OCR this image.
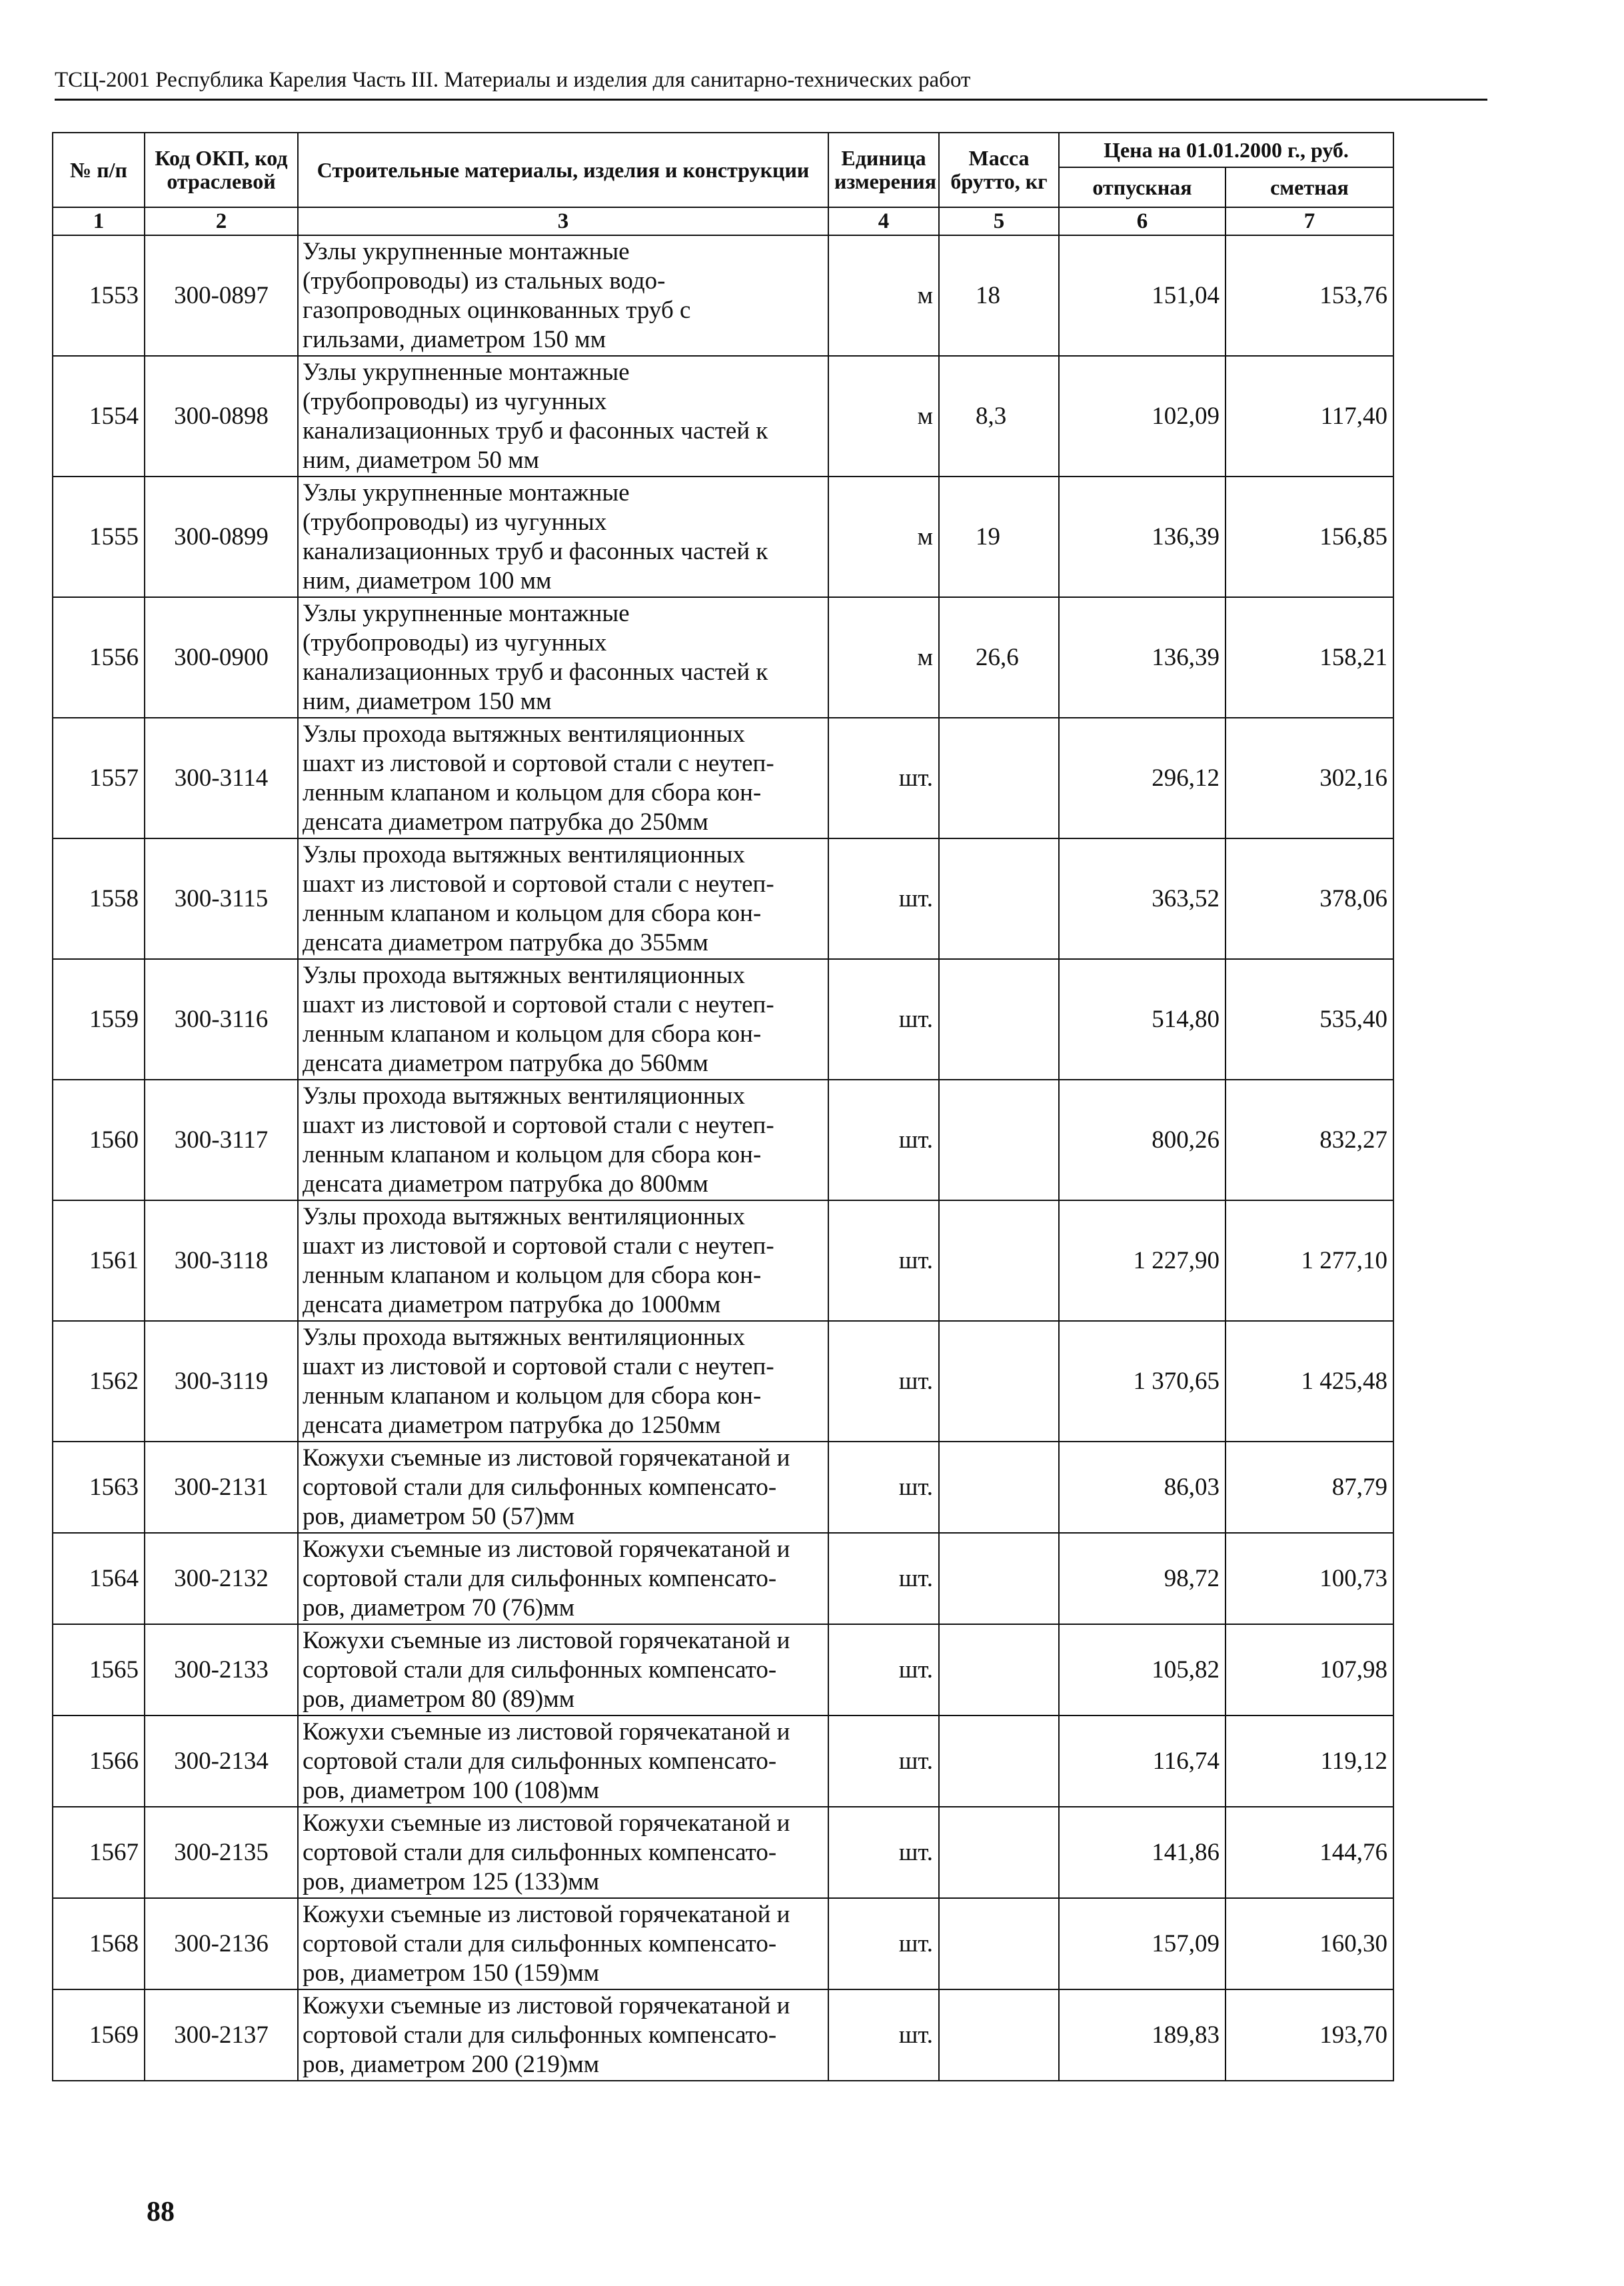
ТСЦ-2001 Республика Карелия Часть III. Материалы и изделия для санитарно-технических работ
№ п/п	Код ОКП, код отраслевой	Строительные материалы, изделия и конструкции	Единица измерения	Масса брутто, кг	Цена на 01.01.2000 г., руб.	
					отпускная	сметная
1	2	3	4	5	6	7
1553	300-0897	Узлы укрупненные монтажные
(трубопроводы) из стальных водо-
газопроводных оцинкованных труб с
гильзами, диаметром 150 мм	м	18	151,04	153,76
1554	300-0898	Узлы укрупненные монтажные
(трубопроводы) из чугунных
канализационных труб и фасонных частей к
ним, диаметром 50 мм	м	8,3	102,09	117,40
1555	300-0899	Узлы укрупненные монтажные
(трубопроводы) из чугунных
канализационных труб и фасонных частей к
ним, диаметром 100 мм	м	19	136,39	156,85
1556	300-0900	Узлы укрупненные монтажные
(трубопроводы) из чугунных
канализационных труб и фасонных частей к
ним, диаметром 150 мм	м	26,6	136,39	158,21
1557	300-3114	Узлы прохода вытяжных вентиляционных
шахт из листовой и сортовой стали с неутеп-
ленным клапаном и кольцом для сбора кон-
денсата диаметром патрубка до 250мм	шт.		296,12	302,16
1558	300-3115	Узлы прохода вытяжных вентиляционных
шахт из листовой и сортовой стали с неутеп-
ленным клапаном и кольцом для сбора кон-
денсата диаметром патрубка до 355мм	шт.		363,52	378,06
1559	300-3116	Узлы прохода вытяжных вентиляционных
шахт из листовой и сортовой стали с неутеп-
ленным клапаном и кольцом для сбора кон-
денсата диаметром патрубка до 560мм	шт.		514,80	535,40
1560	300-3117	Узлы прохода вытяжных вентиляционных
шахт из листовой и сортовой стали с неутеп-
ленным клапаном и кольцом для сбора кон-
денсата диаметром патрубка до 800мм	шт.		800,26	832,27
1561	300-3118	Узлы прохода вытяжных вентиляционных
шахт из листовой и сортовой стали с неутеп-
ленным клапаном и кольцом для сбора кон-
денсата диаметром патрубка до 1000мм	шт.		1 227,90	1 277,10
1562	300-3119	Узлы прохода вытяжных вентиляционных
шахт из листовой и сортовой стали с неутеп-
ленным клапаном и кольцом для сбора кон-
денсата диаметром патрубка до 1250мм	шт.		1 370,65	1 425,48
1563	300-2131	Кожухи съемные из листовой горячекатаной и
сортовой стали для сильфонных компенсато-
ров, диаметром 50 (57)мм	шт.		86,03	87,79
1564	300-2132	Кожухи съемные из листовой горячекатаной и
сортовой стали для сильфонных компенсато-
ров, диаметром 70 (76)мм	шт.		98,72	100,73
1565	300-2133	Кожухи съемные из листовой горячекатаной и
сортовой стали для сильфонных компенсато-
ров, диаметром 80 (89)мм	шт.		105,82	107,98
1566	300-2134	Кожухи съемные из листовой горячекатаной и
сортовой стали для сильфонных компенсато-
ров, диаметром 100 (108)мм	шт.		116,74	119,12
1567	300-2135	Кожухи съемные из листовой горячекатаной и
сортовой стали для сильфонных компенсато-
ров, диаметром 125 (133)мм	шт.		141,86	144,76
1568	300-2136	Кожухи съемные из листовой горячекатаной и
сортовой стали для сильфонных компенсато-
ров, диаметром 150 (159)мм	шт.		157,09	160,30
1569	300-2137	Кожухи съемные из листовой горячекатаной и
сортовой стали для сильфонных компенсато-
ров, диаметром 200 (219)мм	шт.		189,83	193,70
88
